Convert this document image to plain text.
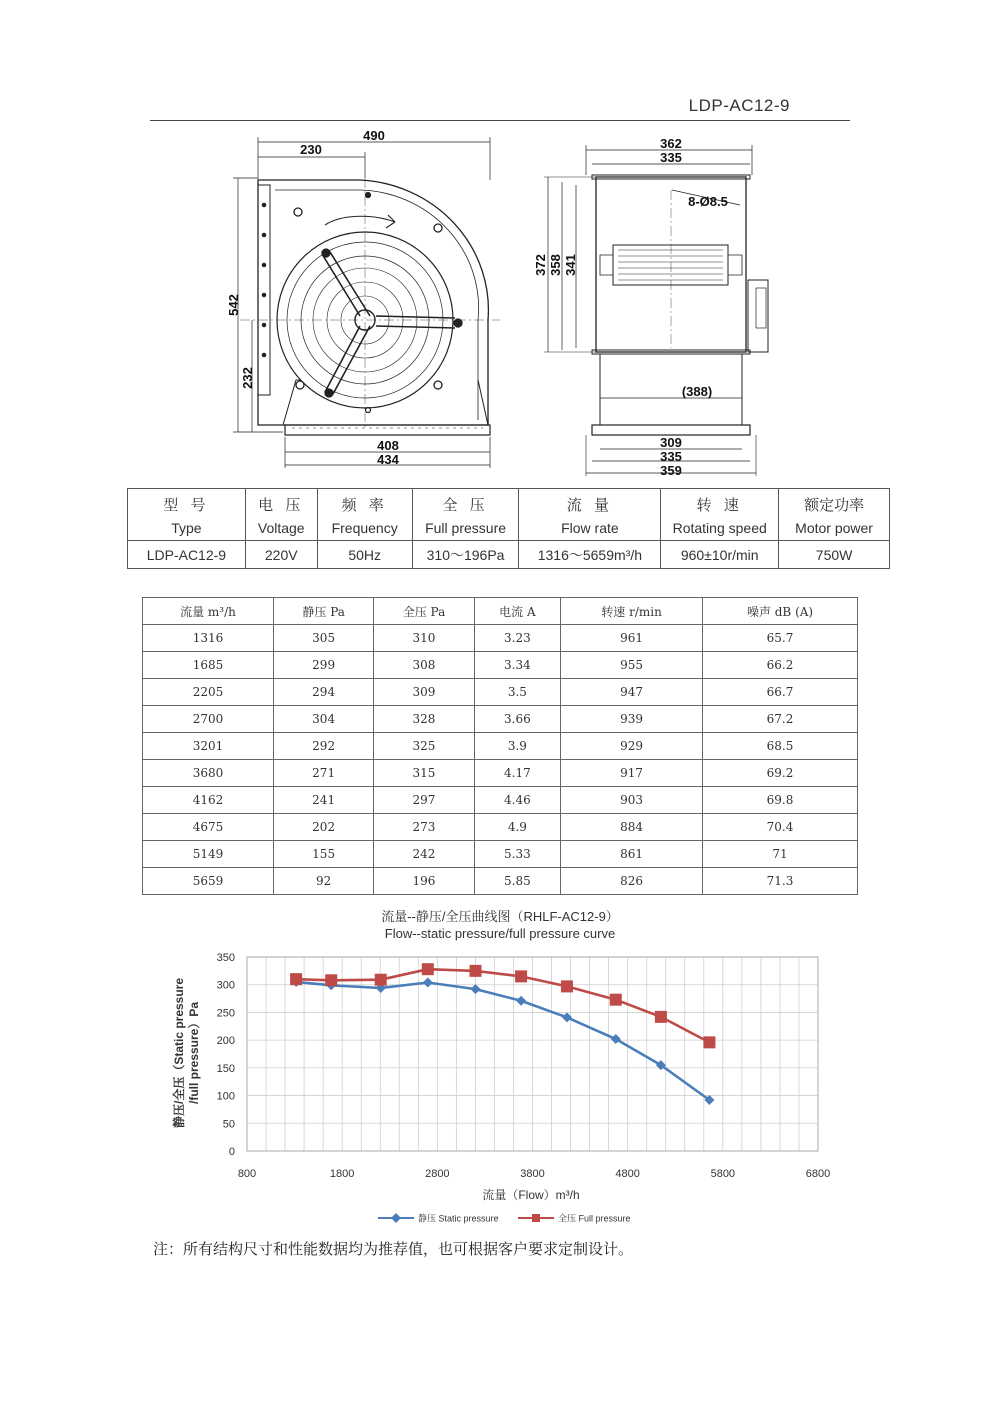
LDP-AC12-9
490
230
542
232
408
434
362
335
8-Ø8.5
372 358 341
(388)
309
335
359
型 号	电 压	频 率	全 压	流 量	转 速	额定功率
Type	Voltage	Frequency	Full pressure	Flow rate	Rotating speed	Motor power
LDP-AC12-9	220V	50Hz	310～196Pa	1316～5659m³/h	960±10r/min	750W
流量 m³/h	静压 Pa	全压 Pa	电流 A	转速 r/min	噪声 dB (A)
1316	305	310	3.23	961	65.7
1685	299	308	3.34	955	66.2
2205	294	309	3.5	947	66.7
2700	304	328	3.66	939	67.2
3201	292	325	3.9	929	68.5
3680	271	315	4.17	917	69.2
4162	241	297	4.46	903	69.8
4675	202	273	4.9	884	70.4
5149	155	242	5.33	861	71
5659	92	196	5.85	826	71.3
流量--静压/全压曲线图（RHLF-AC12-9）
Flow--static pressure/full pressure curve
0
50
100
150
200
250
300
350
800	1800	2800	3800	4800	5800	6800
流量（Flow）m³/h
静压/全压（Static pressure
静压 Static pressure	全压 Full pressure
/full pressure）Pa
注：所有结构尺寸和性能数据均为推荐值，也可根据客户要求定制设计。
